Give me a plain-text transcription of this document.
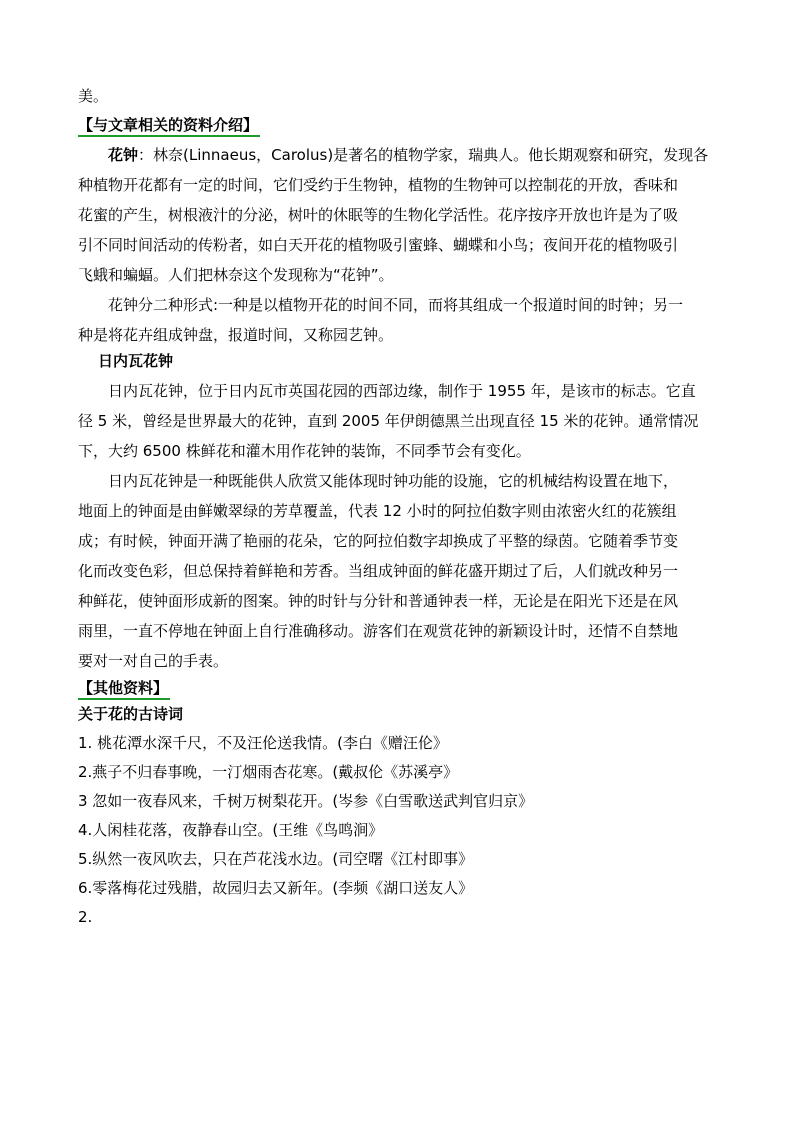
美。

【与文章相关的资料介绍】

花钟：林奈(Linnaeus，Carolus)是著名的植物学家，瑞典人。他长期观察和研究，发现各

种植物开花都有一定的时间，它们受约于生物钟，植物的生物钟可以控制花的开放，香味和

花蜜的产生，树根液汁的分泌，树叶的休眠等的生物化学活性。花序按序开放也许是为了吸

引不同时间活动的传粉者，如白天开花的植物吸引蜜蜂、蝴蝶和小鸟；夜间开花的植物吸引

飞蛾和蝙蝠。人们把林奈这个发现称为“花钟”。

花钟分二种形式:一种是以植物开花的时间不同，而将其组成一个报道时间的时钟；另一

种是将花卉组成钟盘，报道时间，又称园艺钟。

日内瓦花钟

日内瓦花钟，位于日内瓦市英国花园的西部边缘，制作于 1955 年，是该市的标志。它直

径 5 米，曾经是世界最大的花钟，直到 2005 年伊朗德黑兰出现直径 15 米的花钟。通常情况

下，大约 6500 株鲜花和灌木用作花钟的装饰，不同季节会有变化。

日内瓦花钟是一种既能供人欣赏又能体现时钟功能的设施，它的机械结构设置在地下，

地面上的钟面是由鲜嫩翠绿的芳草覆盖，代表 12 小时的阿拉伯数字则由浓密火红的花簇组

成；有时候，钟面开满了艳丽的花朵，它的阿拉伯数字却换成了平整的绿茵。它随着季节变

化而改变色彩，但总保持着鲜艳和芳香。当组成钟面的鲜花盛开期过了后，人们就改种另一

种鲜花，使钟面形成新的图案。钟的时针与分针和普通钟表一样，无论是在阳光下还是在风

雨里，一直不停地在钟面上自行准确移动。游客们在观赏花钟的新颖设计时，还情不自禁地

要对一对自己的手表。

【其他资料】

关于花的古诗词

1. 桃花潭水深千尺，不及汪伦送我情。(李白《赠汪伦》

2.燕子不归春事晚，一汀烟雨杏花寒。(戴叔伦《苏溪亭》

3 忽如一夜春风来，千树万树梨花开。(岑参《白雪歌送武判官归京》

4.人闲桂花落，夜静春山空。(王维《鸟鸣涧》

5.纵然一夜风吹去，只在芦花浅水边。(司空曙《江村即事》

6.零落梅花过残腊，故园归去又新年。(李频《湖口送友人》

2.
